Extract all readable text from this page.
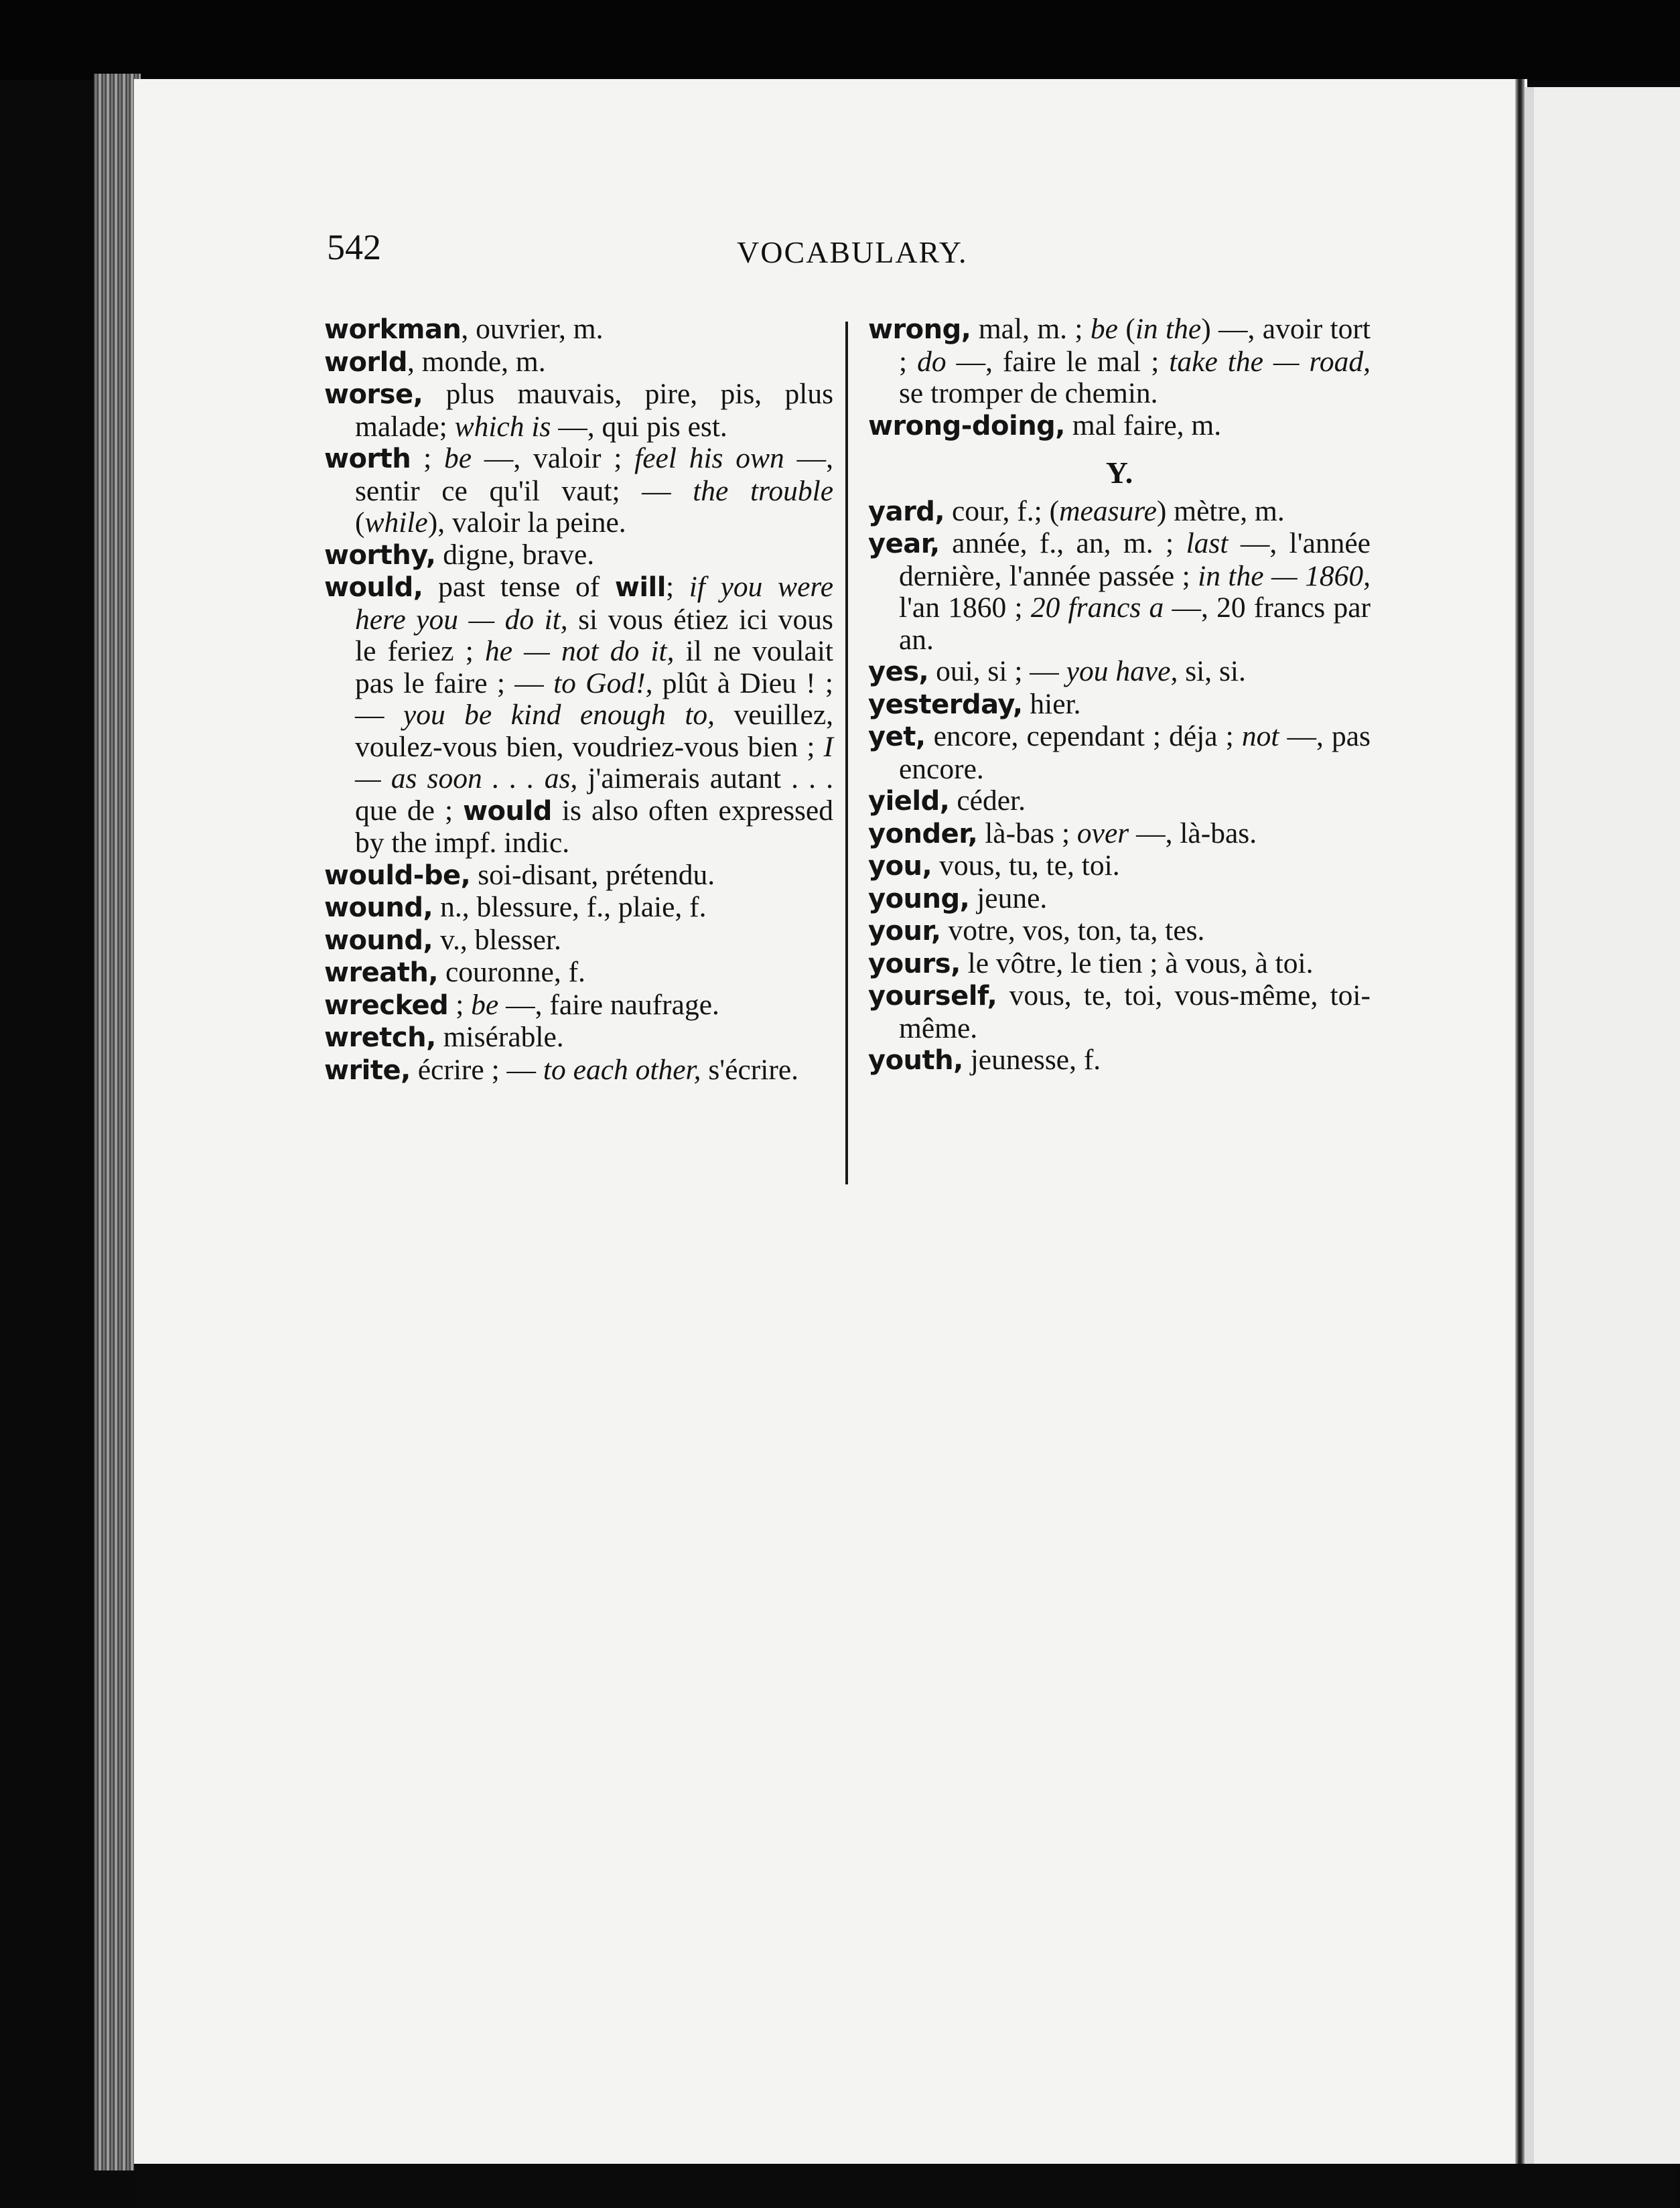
542	VOCABULARY.

workman, ouvrier, m.

world, monde, m.

worse, plus mauvais, pire, pis, plus malade; which is —, qui pis est.

worth ; be —, valoir ; feel his own —, sentir ce qu'il vaut; — the trouble (while), valoir la peine.

worthy, digne, brave.

would, past tense of will; if you were here you — do it, si vous étiez ici vous le feriez ; he — not do it, il ne voulait pas le faire ; — to God!, plût à Dieu ! ; — you be kind enough to, veuillez, voulez-vous bien, voudriez-vous bien ; I — as soon . . . as, j'aimerais autant . . . que de ; would is also often expressed by the impf. indic.

would-be, soi-disant, prétendu.

wound, n., blessure, f., plaie, f.

wound, v., blesser.

wreath, couronne, f.

wrecked ; be —, faire naufrage.

wretch, misérable.

write, écrire ; — to each other, s'écrire.

wrong, mal, m. ; be (in the) —, avoir tort ; do —, faire le mal ; take the — road, se tromper de chemin.

wrong-doing, mal faire, m.

Y.

yard, cour, f.; (measure) mètre, m.

year, année, f., an, m. ; last —, l'année dernière, l'année passée ; in the — 1860, l'an 1860 ; 20 francs a —, 20 francs par an.

yes, oui, si ; — you have, si, si.

yesterday, hier.

yet, encore, cependant ; déja ; not —, pas encore.

yield, céder.

yonder, là-bas ; over —, là-bas.

you, vous, tu, te, toi.

young, jeune.

your, votre, vos, ton, ta, tes.

yours, le vôtre, le tien ; à vous, à toi.

yourself, vous, te, toi, vous-même, toi-même.

youth, jeunesse, f.
